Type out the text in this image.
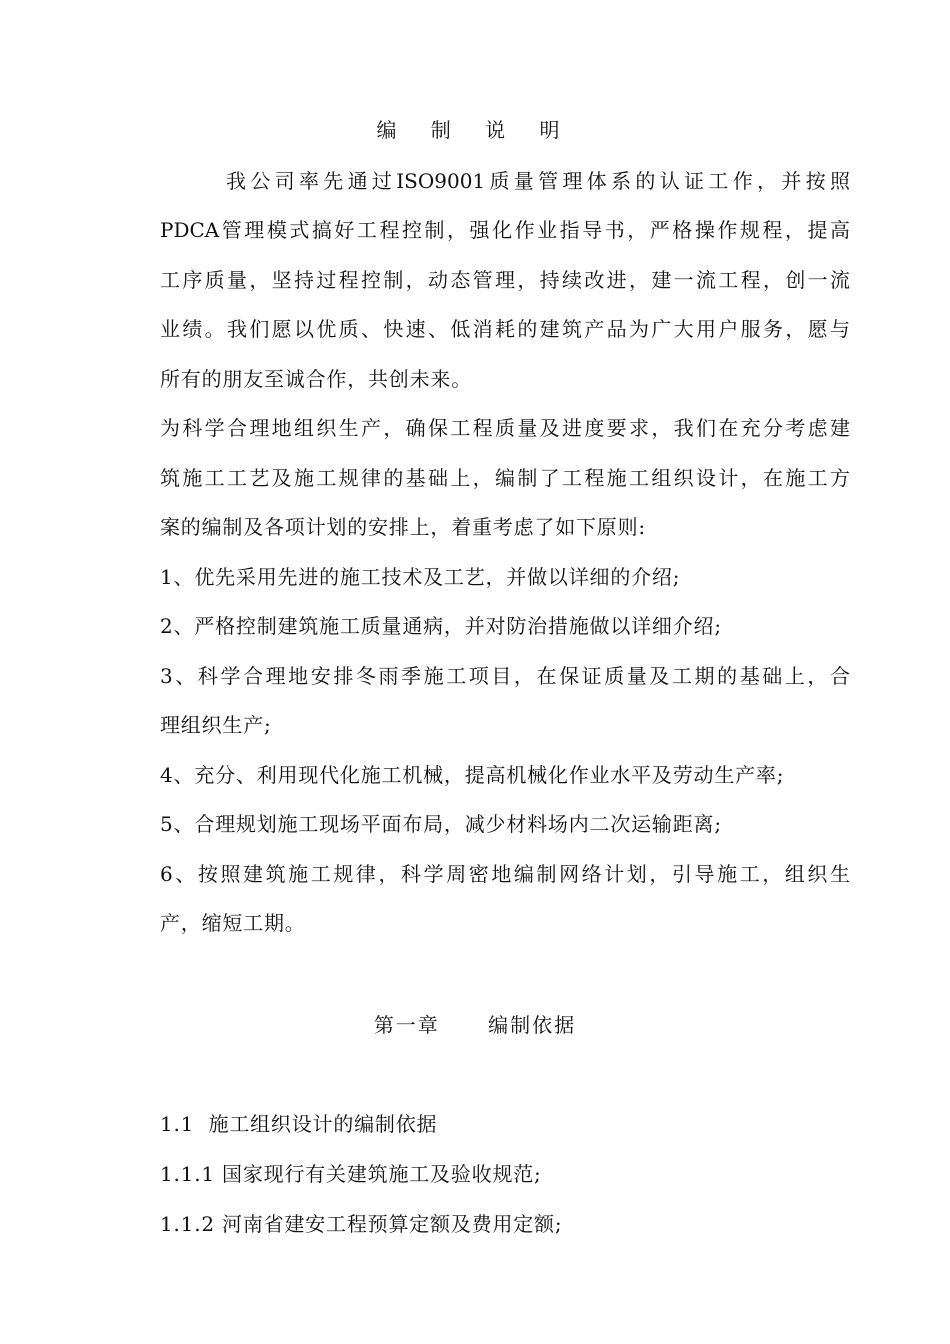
编 制 说 明
我公司率先通过ISO9001质量管理体系的认证工作，并按照
PDCA管理模式搞好工程控制，强化作业指导书，严格操作规程，提高
工序质量，坚持过程控制，动态管理，持续改进，建一流工程，创一流
业绩。我们愿以优质、快速、低消耗的建筑产品为广大用户服务，愿与
所有的朋友至诚合作，共创未来。
为科学合理地组织生产，确保工程质量及进度要求，我们在充分考虑建
筑施工工艺及施工规律的基础上，编制了工程施工组织设计，在施工方
案的编制及各项计划的安排上，着重考虑了如下原则:
1、优先采用先进的施工技术及工艺，并做以详细的介绍;
2、严格控制建筑施工质量通病，并对防治措施做以详细介绍;
3、科学合理地安排冬雨季施工项目，在保证质量及工期的基础上，合
理组织生产;
4、充分、利用现代化施工机械，提高机械化作业水平及劳动生产率;
5、合理规划施工现场平面布局，减少材料场内二次运输距离;
6、按照建筑施工规律，科学周密地编制网络计划，引导施工，组织生
产，缩短工期。
第一章 编制依据
1.1  施工组织设计的编制依据
1.1.1 国家现行有关建筑施工及验收规范;
1.1.2 河南省建安工程预算定额及费用定额;
